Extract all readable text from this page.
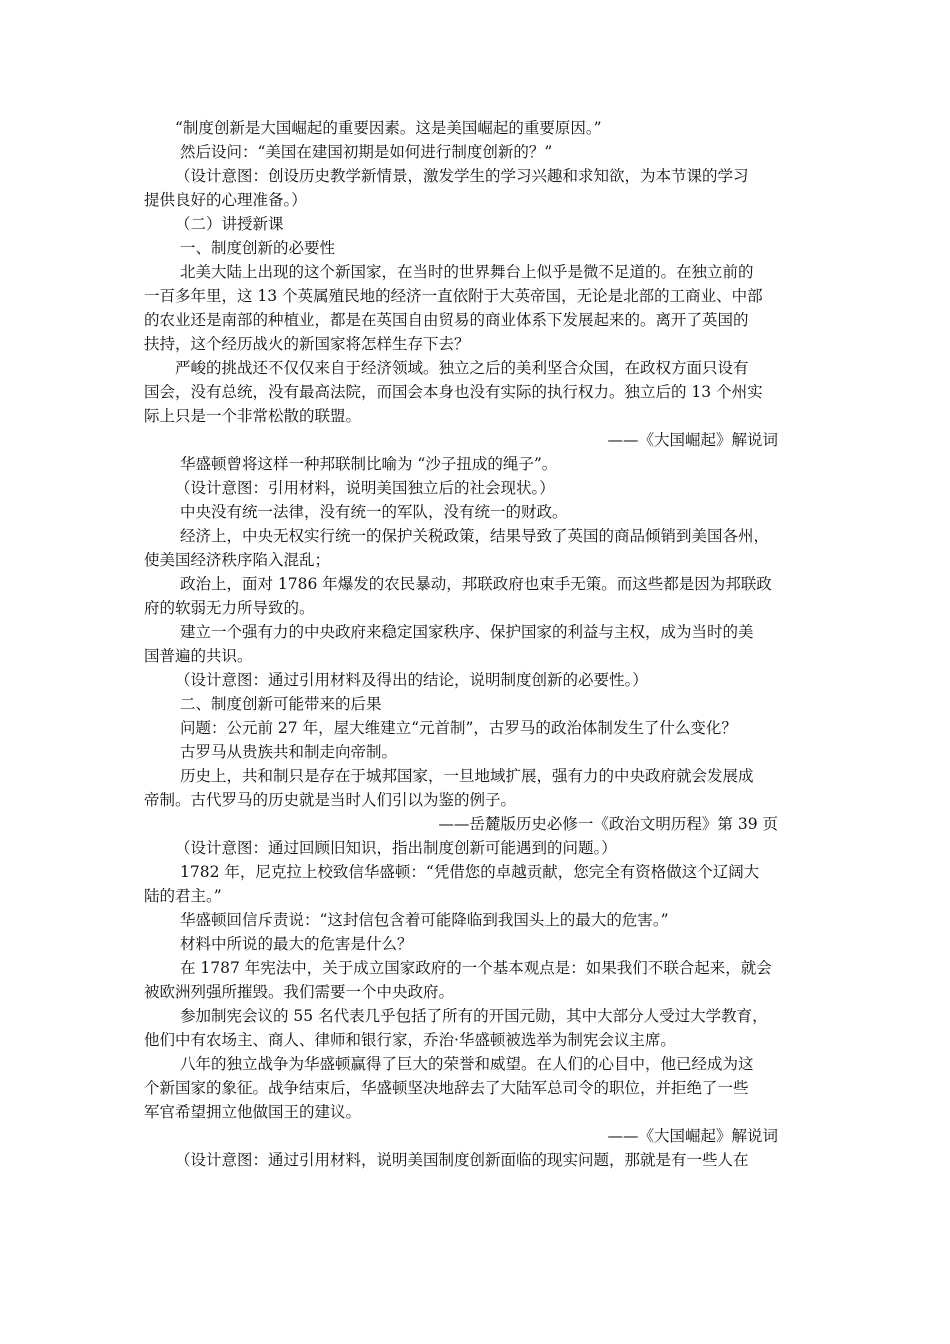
“制度创新是大国崛起的重要因素。这是美国崛起的重要原因。”
然后设问：“美国在建国初期是如何进行制度创新的？”
（设计意图：创设历史教学新情景，激发学生的学习兴趣和求知欲，为本节课的学习
提供良好的心理准备。）
（二）讲授新课
一、制度创新的必要性
北美大陆上出现的这个新国家，在当时的世界舞台上似乎是微不足道的。在独立前的
一百多年里，这 13 个英属殖民地的经济一直依附于大英帝国，无论是北部的工商业、中部
的农业还是南部的种植业，都是在英国自由贸易的商业体系下发展起来的。离开了英国的
扶持，这个经历战火的新国家将怎样生存下去？
严峻的挑战还不仅仅来自于经济领域。独立之后的美利坚合众国，在政权方面只设有
国会，没有总统，没有最高法院，而国会本身也没有实际的执行权力。独立后的 13 个州实
际上只是一个非常松散的联盟。
——《大国崛起》解说词
华盛顿曾将这样一种邦联制比喻为 “沙子扭成的绳子”。
（设计意图：引用材料，说明美国独立后的社会现状。）
中央没有统一法律，没有统一的军队，没有统一的财政。
经济上，中央无权实行统一的保护关税政策，结果导致了英国的商品倾销到美国各州，
使美国经济秩序陷入混乱；
政治上，面对 1786 年爆发的农民暴动，邦联政府也束手无策。而这些都是因为邦联政
府的软弱无力所导致的。
建立一个强有力的中央政府来稳定国家秩序、保护国家的利益与主权，成为当时的美
国普遍的共识。
（设计意图：通过引用材料及得出的结论，说明制度创新的必要性。）
二、制度创新可能带来的后果
问题：公元前 27 年，屋大维建立“元首制”，古罗马的政治体制发生了什么变化？
古罗马从贵族共和制走向帝制。
历史上，共和制只是存在于城邦国家，一旦地域扩展，强有力的中央政府就会发展成
帝制。古代罗马的历史就是当时人们引以为鉴的例子。
——岳麓版历史必修一《政治文明历程》第 39 页
（设计意图：通过回顾旧知识，指出制度创新可能遇到的问题。）
1782 年，尼克拉上校致信华盛顿：“凭借您的卓越贡献，您完全有资格做这个辽阔大
陆的君主。”
华盛顿回信斥责说：“这封信包含着可能降临到我国头上的最大的危害。”
材料中所说的最大的危害是什么？
在 1787 年宪法中，关于成立国家政府的一个基本观点是：如果我们不联合起来，就会
被欧洲列强所摧毁。我们需要一个中央政府。
参加制宪会议的 55 名代表几乎包括了所有的开国元勋，其中大部分人受过大学教育，
他们中有农场主、商人、律师和银行家，乔治·华盛顿被选举为制宪会议主席。
八年的独立战争为华盛顿赢得了巨大的荣誉和威望。在人们的心目中，他已经成为这
个新国家的象征。战争结束后，华盛顿坚决地辞去了大陆军总司令的职位，并拒绝了一些
军官希望拥立他做国王的建议。
——《大国崛起》解说词
（设计意图：通过引用材料，说明美国制度创新面临的现实问题，那就是有一些人在
